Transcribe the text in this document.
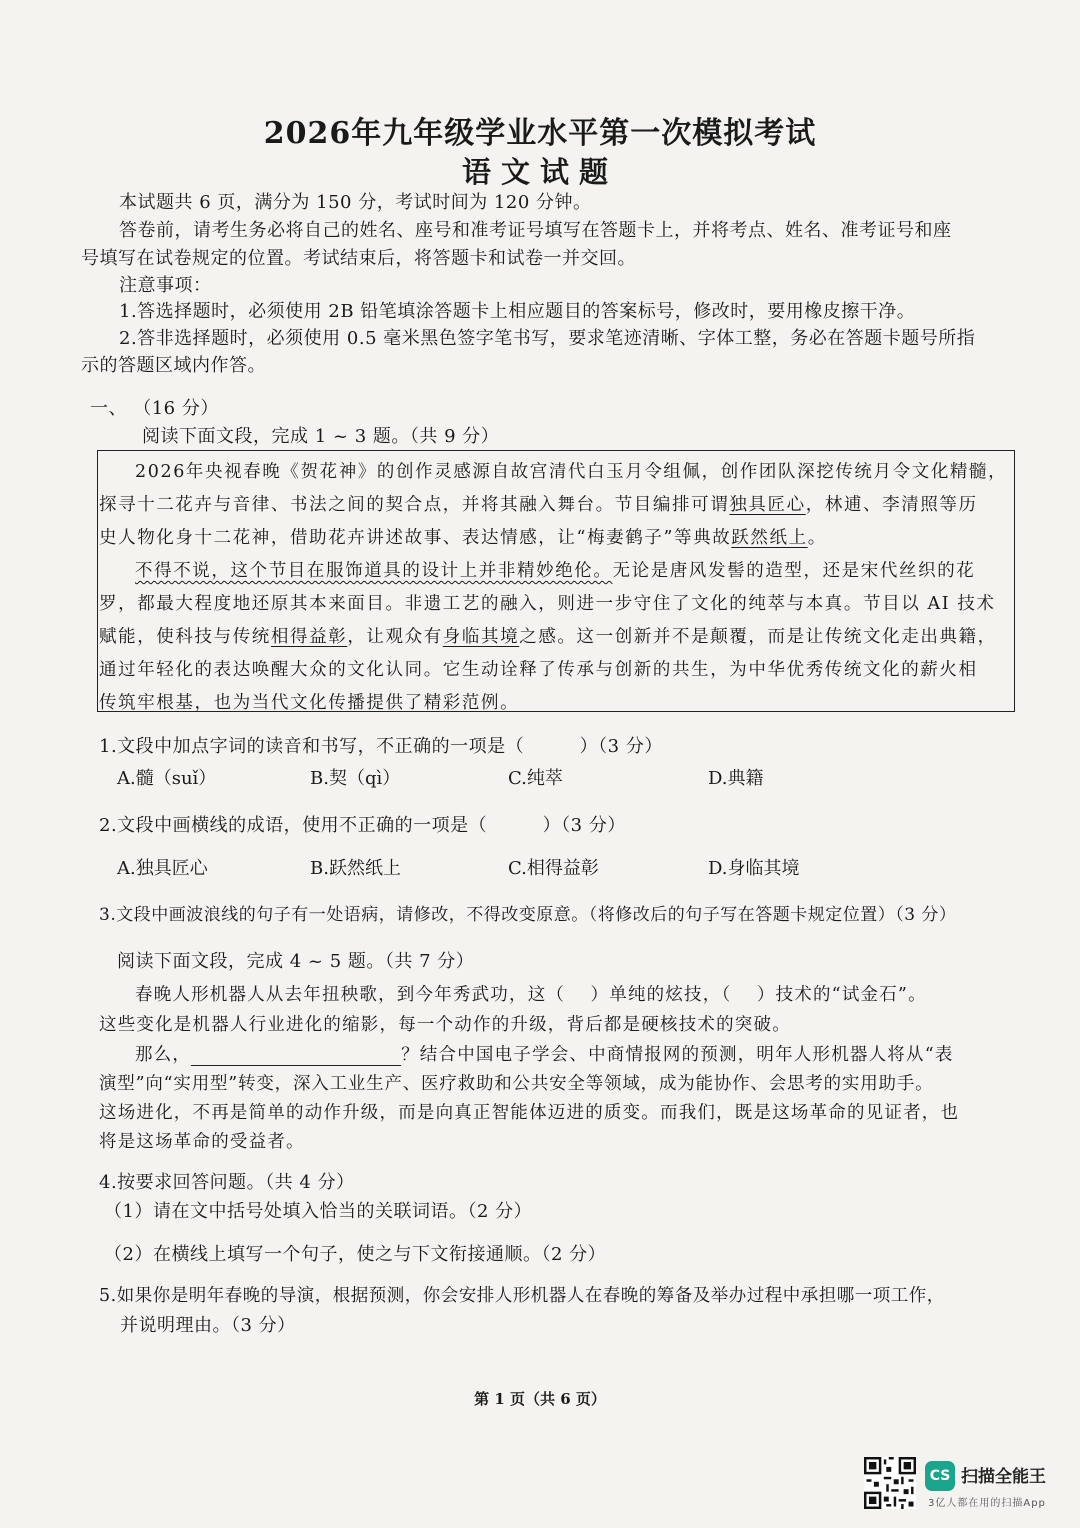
2026年九年级学业水平第一次模拟考试
语文试题
本试题共 6 页，满分为 150 分，考试时间为 120 分钟。
答卷前，请考生务必将自己的姓名、座号和准考证号填写在答题卡上，并将考点、姓名、准考证号和座
号填写在试卷规定的位置。考试结束后，将答题卡和试卷一并交回。
注意事项：
1.答选择题时，必须使用 2B 铅笔填涂答题卡上相应题目的答案标号，修改时，要用橡皮擦干净。
2.答非选择题时，必须使用 0.5 毫米黑色签字笔书写，要求笔迹清晰、字体工整，务必在答题卡题号所指
示的答题区域内作答。
一、 （16 分）
阅读下面文段，完成 1 ~ 3 题。（共 9 分）
2026年央视春晚《贺花神》的创作灵感源自故宫清代白玉月令组佩，创作团队深挖传统月令文化精髓，
探寻十二花卉与音律、书法之间的契合点，并将其融入舞台。节目编排可谓独具匠心，林逋、李清照等历
史人物化身十二花神，借助花卉讲述故事、表达情感，让“梅妻鹤子”等典故跃然纸上。
不得不说，这个节目在服饰道具的设计上并非精妙绝伦。无论是唐风发髻的造型，还是宋代丝织的花
罗，都最大程度地还原其本来面目。非遗工艺的融入，则进一步守住了文化的纯萃与本真。节目以 AI 技术
赋能，使科技与传统相得益彰，让观众有身临其境之感。这一创新并不是颠覆，而是让传统文化走出典籍，
通过年轻化的表达唤醒大众的文化认同。它生动诠释了传承与创新的共生，为中华优秀传统文化的薪火相
传筑牢根基，也为当代文化传播提供了精彩范例。
1.文段中加点字词的读音和书写，不正确的一项是（　　　）（3 分）
A.髓（suǐ）	B.契（qì）	C.纯萃	D.典籍
2.文段中画横线的成语，使用不正确的一项是（　　　）（3 分）
A.独具匠心	B.跃然纸上	C.相得益彰	D.身临其境
3.文段中画波浪线的句子有一处语病，请修改，不得改变原意。（将修改后的句子写在答题卡规定位置）（3 分）
阅读下面文段，完成 4 ~ 5 题。（共 7 分）
春晚人形机器人从去年扭秧歌，到今年秀武功，这（　 ）单纯的炫技，（　 ）技术的“试金石”。
这些变化是机器人行业进化的缩影，每一个动作的升级，背后都是硬核技术的突破。
那么，	？结合中国电子学会、中商情报网的预测，明年人形机器人将从“表
演型”向“实用型”转变，深入工业生产、医疗救助和公共安全等领域，成为能协作、会思考的实用助手。
这场进化，不再是简单的动作升级，而是向真正智能体迈进的质变。而我们，既是这场革命的见证者，也
将是这场革命的受益者。
4.按要求回答问题。（共 4 分）
（1）请在文中括号处填入恰当的关联词语。（2 分）
（2）在横线上填写一个句子，使之与下文衔接通顺。（2 分）
5.如果你是明年春晚的导演，根据预测，你会安排人形机器人在春晚的筹备及举办过程中承担哪一项工作，
并说明理由。（3 分）
第 1 页（共 6 页）
CS 扫描全能王
3亿人都在用的扫描App
